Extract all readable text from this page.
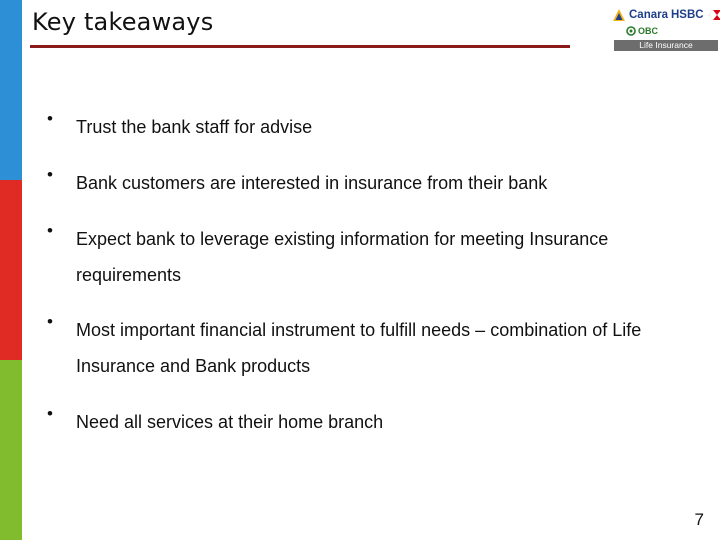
Key takeaways	Canara HSBC
OBC
Life Insurance
• Trust the bank staff for advise
• Bank customers are interested in insurance from their bank
• Expect bank to leverage existing information for meeting Insurance requirements
• Most important financial instrument to fulfill needs – combination of Life Insurance and Bank products
• Need all services at their home branch
7
